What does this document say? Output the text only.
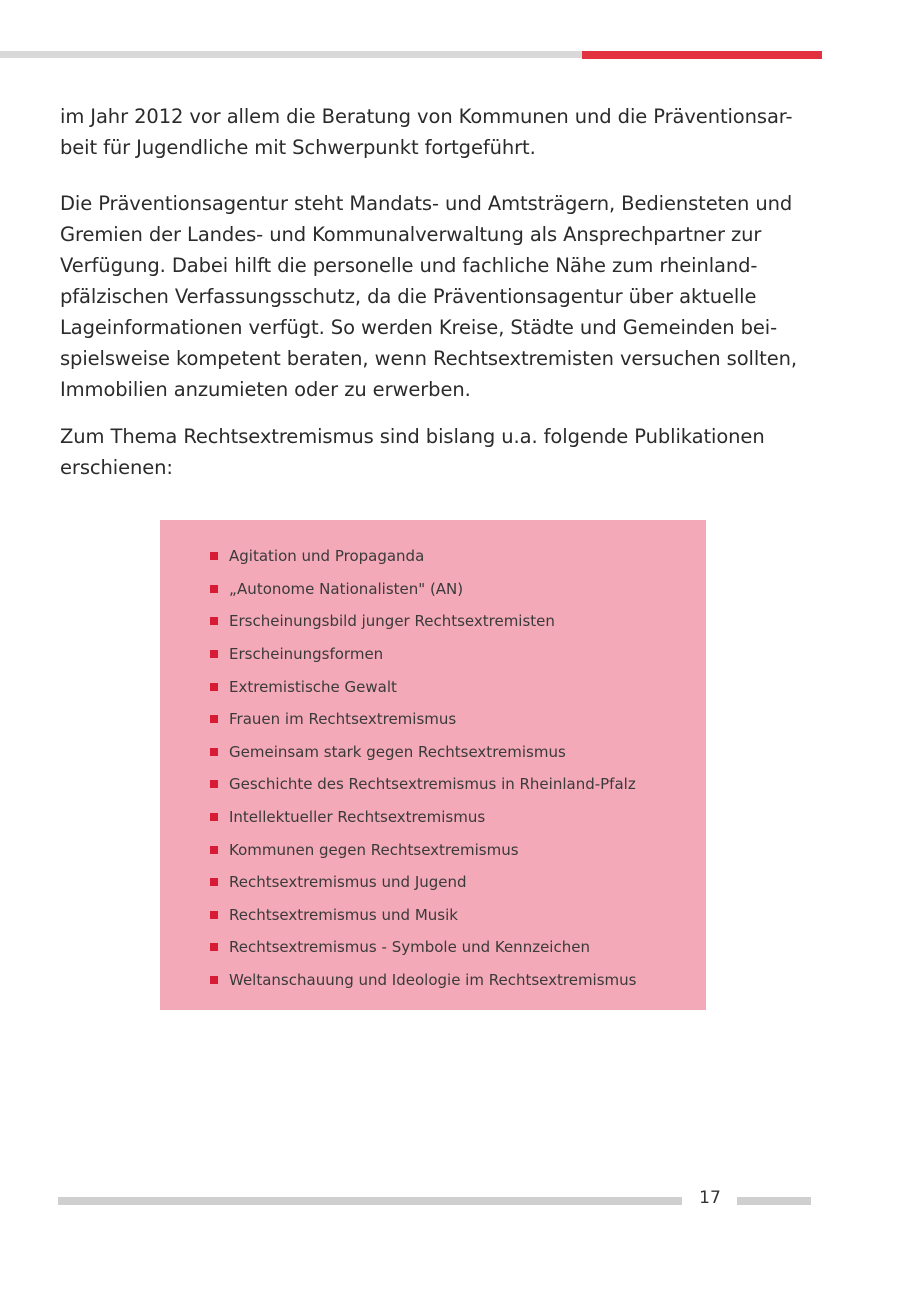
im Jahr 2012 vor allem die Beratung von Kommunen und die Präventionsar-beit für Jugendliche mit Schwerpunkt fortgeführt.

Die Präventionsagentur steht Mandats- und Amtsträgern, Bediensteten und Gremien der Landes- und Kommunalverwaltung als Ansprechpartner zur Verfügung. Dabei hilft die personelle und fachliche Nähe zum rheinland-pfälzischen Verfassungsschutz, da die Präventionsagentur über aktuelle Lageinformationen verfügt. So werden Kreise, Städte und Gemeinden bei-spielsweise kompetent beraten, wenn Rechtsextremisten versuchen sollten, Immobilien anzumieten oder zu erwerben.

Zum Thema Rechtsextremismus sind bislang u.a. folgende Publikationen erschienen:

Agitation und Propaganda
„Autonome Nationalisten" (AN)
Erscheinungsbild junger Rechtsextremisten
Erscheinungsformen
Extremistische Gewalt
Frauen im Rechtsextremismus
Gemeinsam stark gegen Rechtsextremismus
Geschichte des Rechtsextremismus in Rheinland-Pfalz
Intellektueller Rechtsextremismus
Kommunen gegen Rechtsextremismus
Rechtsextremismus und Jugend
Rechtsextremismus und Musik
Rechtsextremismus - Symbole und Kennzeichen
Weltanschauung und Ideologie im Rechtsextremismus
17
